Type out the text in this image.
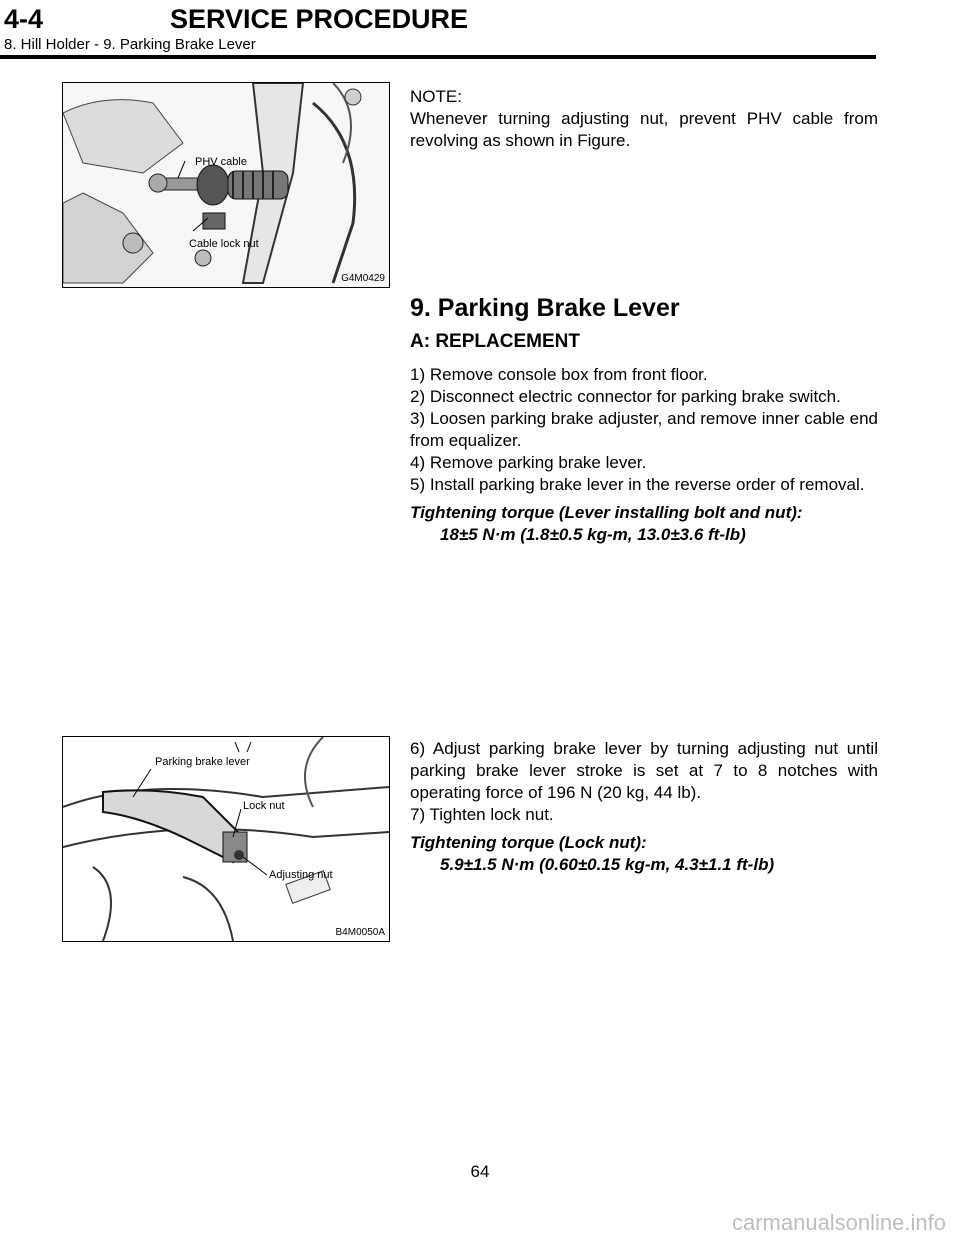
4-4	SERVICE PROCEDURE
8. Hill Holder - 9. Parking Brake Lever
PHV cable
Cable lock nut
G4M0429

NOTE:

Whenever turning adjusting nut, prevent PHV cable from revolving as shown in Figure.

9. Parking Brake Lever
A: REPLACEMENT

1) Remove console box from front floor.

2) Disconnect electric connector for parking brake switch.

3) Loosen parking brake adjuster, and remove inner cable end from equalizer.

4) Remove parking brake lever.

5) Install parking brake lever in the reverse order of removal.

Tightening torque (Lever installing bolt and nut):

18±5 N·m (1.8±0.5 kg-m, 13.0±3.6 ft-lb)

Parking brake lever
Lock nut
Adjusting nut
B4M0050A

6) Adjust parking brake lever by turning adjusting nut until parking brake lever stroke is set at 7 to 8 notches with operating force of 196 N (20 kg, 44 lb).

7) Tighten lock nut.

Tightening torque (Lock nut):

5.9±1.5 N·m (0.60±0.15 kg-m, 4.3±1.1 ft-lb)

64
carmanualsonline.info
